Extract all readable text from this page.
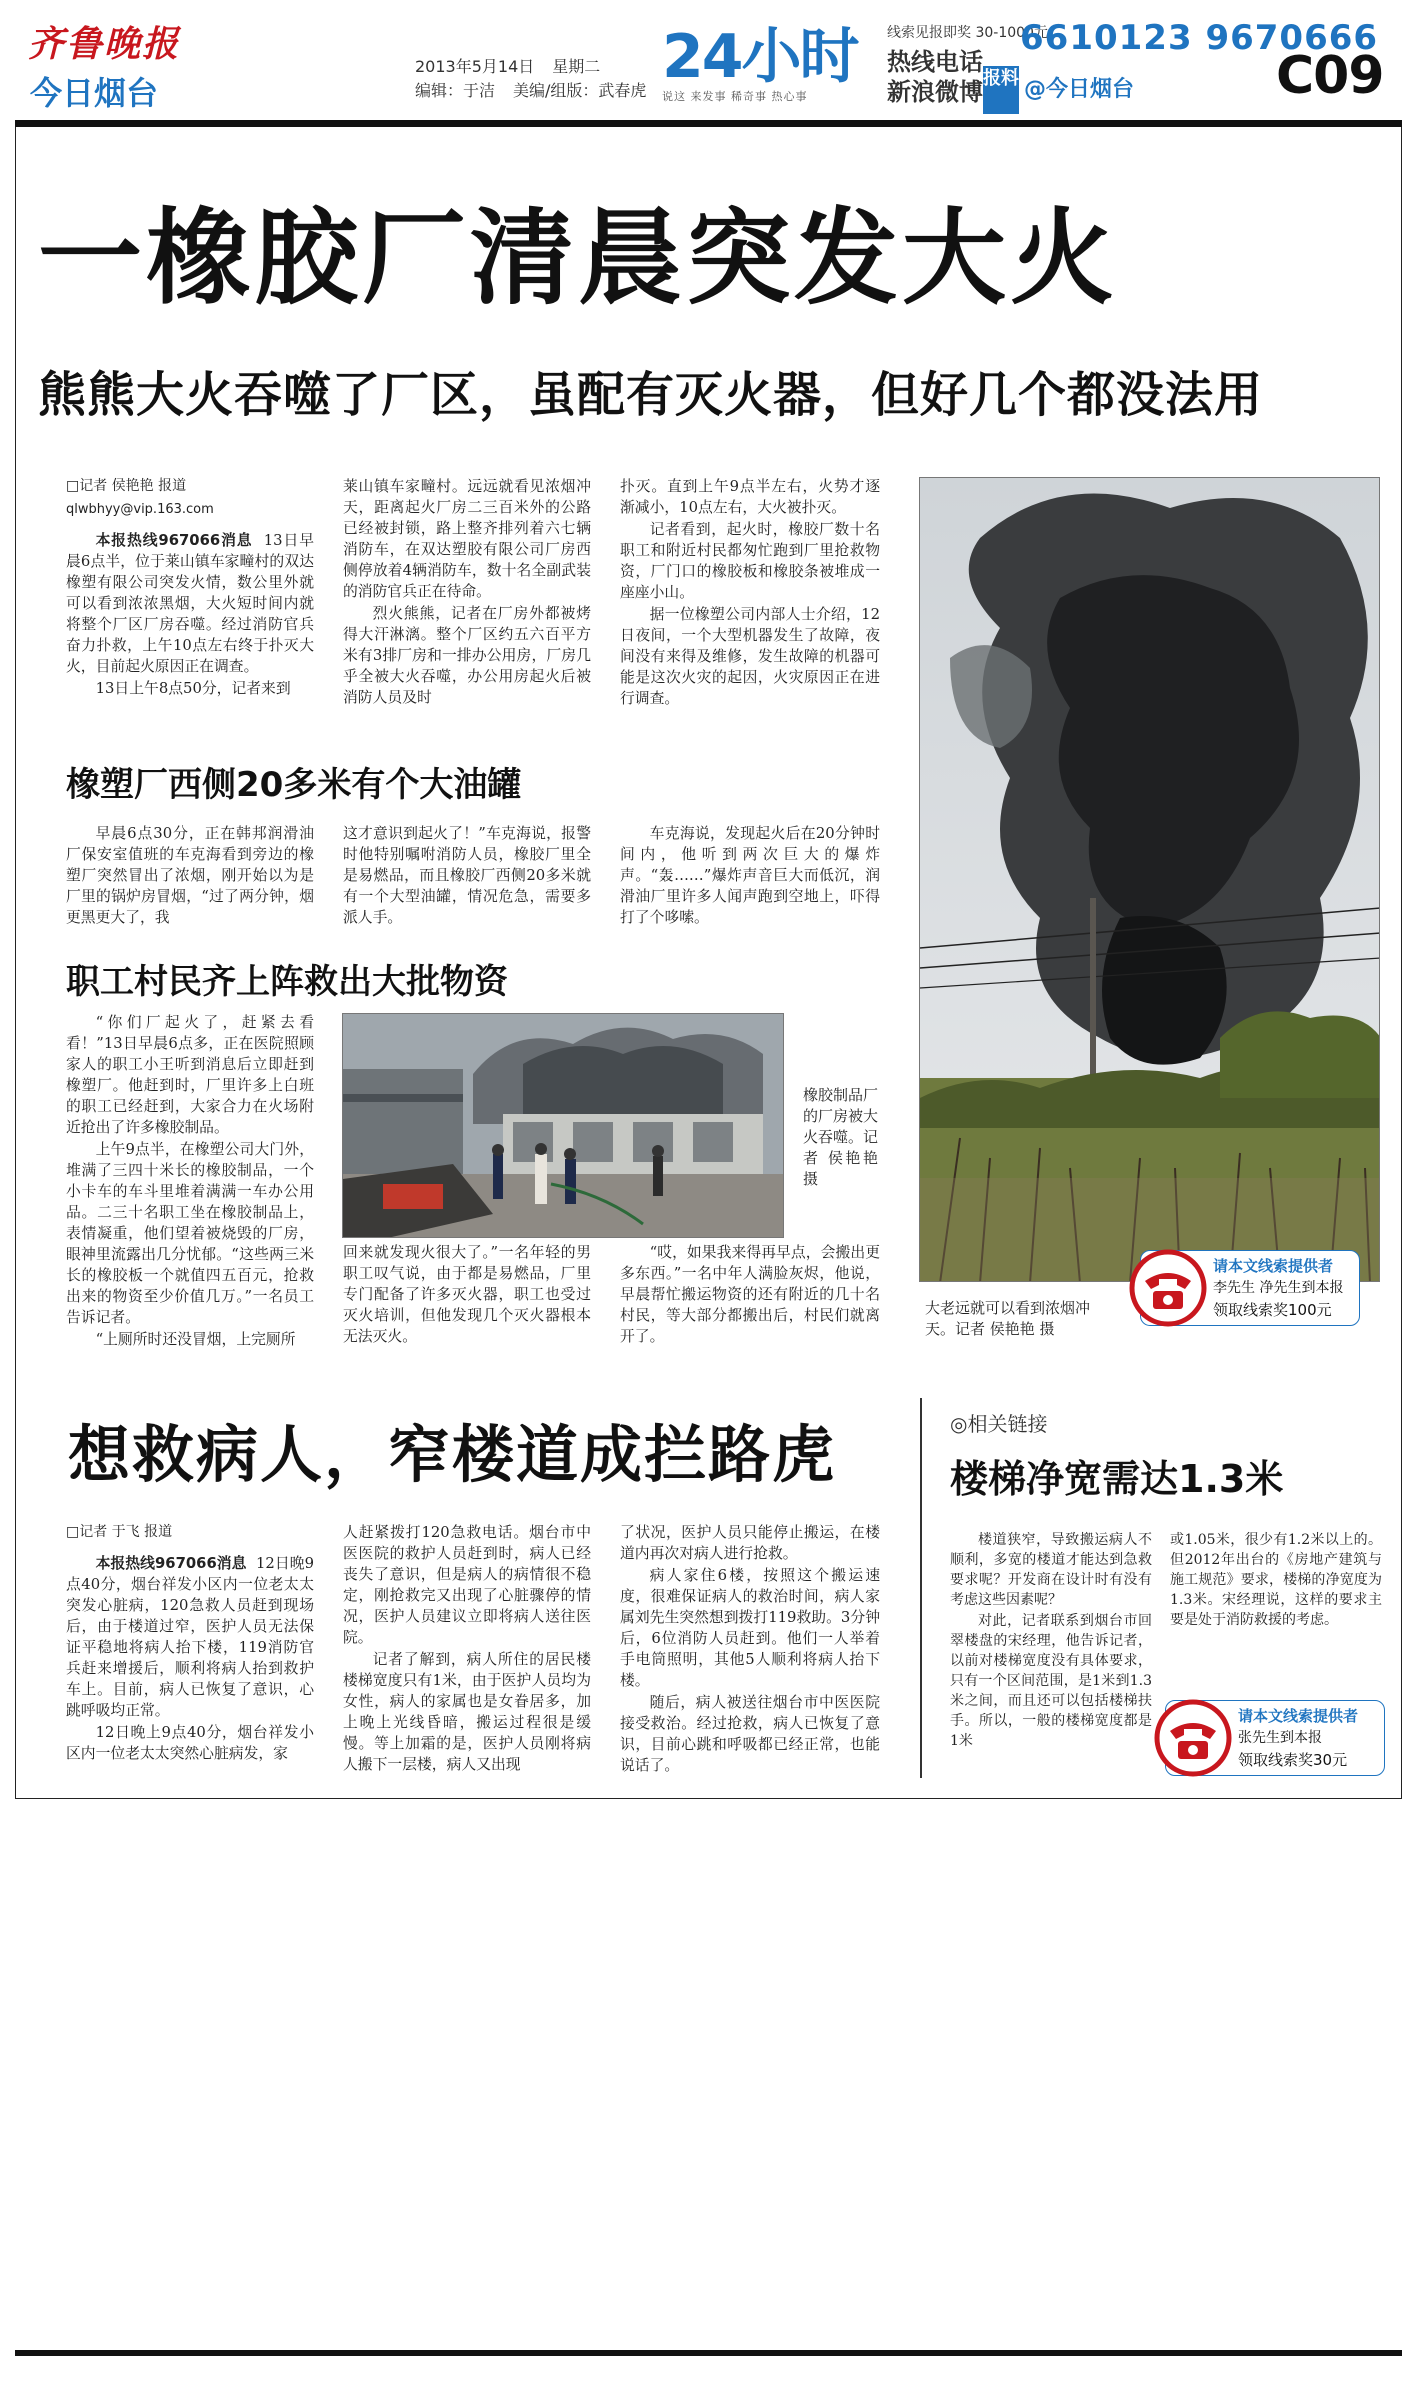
齐鲁晚报
今日烟台
2013年5月14日 星期二
编辑：于洁 美编/组版：武春虎 24小时
说这 来发事 稀奇事 热心事
线索见报即奖 30-1000元
热线电话
6610123 9670666
新浪微博 报料 @今日烟台	C09
一橡胶厂清晨突发大火
熊熊大火吞噬了厂区，虽配有灭火器，但好几个都没法用

□记者 侯艳艳 报道

qlwbhyy@vip.163.com

本报热线967066消息 13日早晨6点半，位于莱山镇车家疃村的双达橡塑有限公司突发火情，数公里外就可以看到浓浓黑烟，大火短时间内就将整个厂区厂房吞噬。经过消防官兵奋力扑救，上午10点左右终于扑灭大火，目前起火原因正在调查。

13日上午8点50分，记者来到

莱山镇车家疃村。远远就看见浓烟冲天，距离起火厂房二三百米外的公路已经被封锁，路上整齐排列着六七辆消防车，在双达塑胶有限公司厂房西侧停放着4辆消防车，数十名全副武装的消防官兵正在待命。

烈火熊熊，记者在厂房外都被烤得大汗淋漓。整个厂区约五六百平方米有3排厂房和一排办公用房，厂房几乎全被大火吞噬，办公用房起火后被消防人员及时

扑灭。直到上午9点半左右，火势才逐渐减小，10点左右，大火被扑灭。

记者看到，起火时，橡胶厂数十名职工和附近村民都匆忙跑到厂里抢救物资，厂门口的橡胶板和橡胶条被堆成一座座小山。

据一位橡塑公司内部人士介绍，12日夜间，一个大型机器发生了故障，夜间没有来得及维修，发生故障的机器可能是这次火灾的起因，火灾原因正在进行调查。

橡塑厂西侧20多米有个大油罐

早晨6点30分，正在韩邦润滑油厂保安室值班的车克海看到旁边的橡塑厂突然冒出了浓烟，刚开始以为是厂里的锅炉房冒烟，“过了两分钟，烟更黑更大了，我

这才意识到起火了！”车克海说，报警时他特别嘱咐消防人员，橡胶厂里全是易燃品，而且橡胶厂西侧20多米就有一个大型油罐，情况危急，需要多派人手。

车克海说，发现起火后在20分钟时间内，他听到两次巨大的爆炸声。“轰……”爆炸声音巨大而低沉，润滑油厂里许多人闻声跑到空地上，吓得打了个哆嗦。

职工村民齐上阵救出大批物资

“你们厂起火了，赶紧去看看！”13日早晨6点多，正在医院照顾家人的职工小王听到消息后立即赶到橡塑厂。他赶到时，厂里许多上白班的职工已经赶到，大家合力在火场附近抢出了许多橡胶制品。

上午9点半，在橡塑公司大门外，堆满了三四十米长的橡胶制品，一个小卡车的车斗里堆着满满一车办公用品。二三十名职工坐在橡胶制品上，表情凝重，他们望着被烧毁的厂房，眼神里流露出几分忧郁。“这些两三米长的橡胶板一个就值四五百元，抢救出来的物资至少价值几万。”一名员工告诉记者。

“上厕所时还没冒烟，上完厕所

回来就发现火很大了。”一名年轻的男职工叹气说，由于都是易燃品，厂里专门配备了许多灭火器，职工也受过灭火培训，但他发现几个灭火器根本无法灭火。

“哎，如果我来得再早点，会搬出更多东西。”一名中年人满脸灰烬，他说，早晨帮忙搬运物资的还有附近的几十名村民，等大部分都搬出后，村民们就离开了。

橡胶制品厂的厂房被大火吞噬。记者 侯艳艳 摄
大老远就可以看到浓烟冲天。记者 侯艳艳 摄
请本文线索提供者
李先生 净先生到本报
领取线索奖100元
想救病人，窄楼道成拦路虎

□记者 于飞 报道

本报热线967066消息 12日晚9点40分，烟台祥发小区内一位老太太突发心脏病，120急救人员赶到现场后，由于楼道过窄，医护人员无法保证平稳地将病人抬下楼，119消防官兵赶来增援后，顺利将病人抬到救护车上。目前，病人已恢复了意识，心跳呼吸均正常。

12日晚上9点40分，烟台祥发小区内一位老太太突然心脏病发，家

人赶紧拨打120急救电话。烟台市中医医院的救护人员赶到时，病人已经丧失了意识，但是病人的病情很不稳定，刚抢救完又出现了心脏骤停的情况，医护人员建议立即将病人送往医院。

记者了解到，病人所住的居民楼楼梯宽度只有1米，由于医护人员均为女性，病人的家属也是女眷居多，加上晚上光线昏暗，搬运过程很是缓慢。等上加霜的是，医护人员刚将病人搬下一层楼，病人又出现

了状况，医护人员只能停止搬运，在楼道内再次对病人进行抢救。

病人家住6楼，按照这个搬运速度，很难保证病人的救治时间，病人家属刘先生突然想到拨打119救助。3分钟后，6位消防人员赶到。他们一人举着手电筒照明，其他5人顺利将病人抬下楼。

随后，病人被送往烟台市中医医院接受救治。经过抢救，病人已恢复了意识，目前心跳和呼吸都已经正常，也能说话了。

◎相关链接
楼梯净宽需达1.3米

楼道狭窄，导致搬运病人不顺利，多宽的楼道才能达到急救要求呢？开发商在设计时有没有考虑这些因素呢？

对此，记者联系到烟台市回翠楼盘的宋经理，他告诉记者，以前对楼梯宽度没有具体要求，只有一个区间范围，是1米到1.3米之间，而且还可以包括楼梯扶手。所以，一般的楼梯宽度都是1米

或1.05米，很少有1.2米以上的。但2012年出台的《房地产建筑与施工规范》要求，楼梯的净宽度为1.3米。宋经理说，这样的要求主要是处于消防救援的考虑。

请本文线索提供者
张先生到本报
领取线索奖30元
